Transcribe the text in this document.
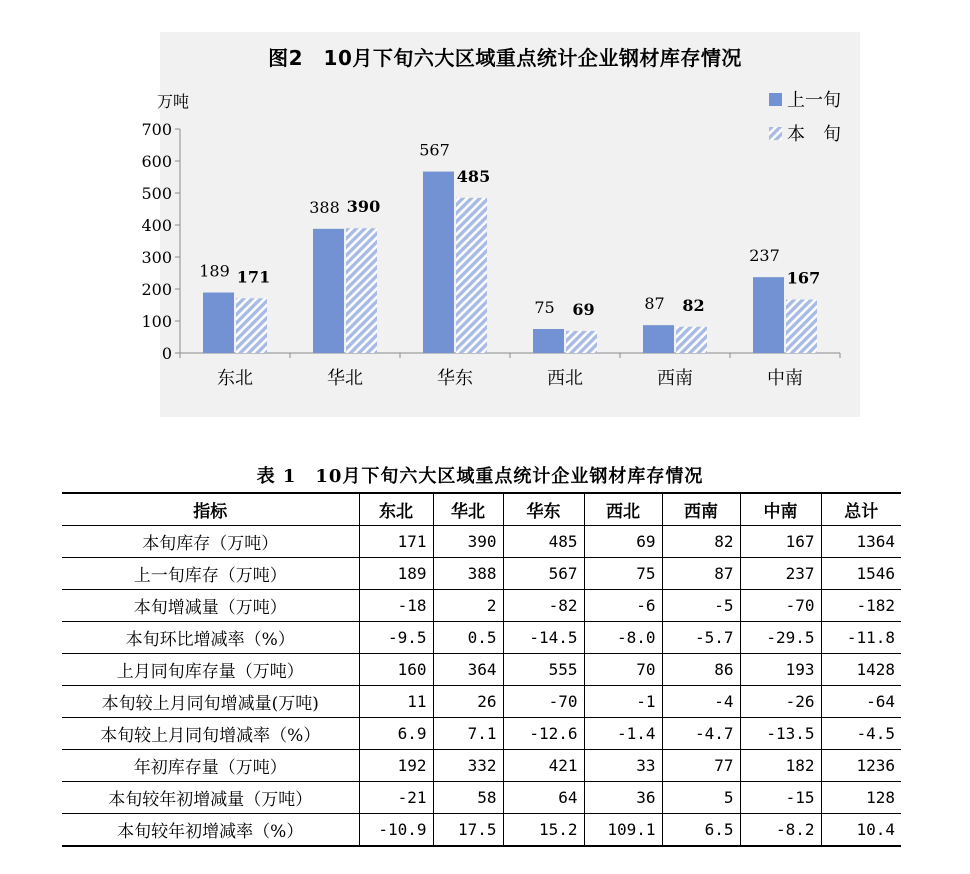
图2　10月下旬六大区域重点统计企业钢材库存情况
万吨
0
100
200
300
400
500
600
700
东北
189 171
华北
388 390
华东
567
485
西北
75 69
西南
87 82
中南
237
167
上一旬
本　旬
表 1　10月下旬六大区域重点统计企业钢材库存情况
指标	东北	华北	华东	西北	西南	中南	总计
本旬库存（万吨）	171	390	485	69	82	167	1364
上一旬库存（万吨）	189	388	567	75	87	237	1546
本旬增减量（万吨）	-18	2	-82	-6	-5	-70	-182
本旬环比增减率（%）	-9.5	0.5	-14.5	-8.0	-5.7	-29.5	-11.8
上月同旬库存量（万吨）	160	364	555	70	86	193	1428
本旬较上月同旬增减量(万吨)	11	26	-70	-1	-4	-26	-64
本旬较上月同旬增减率（%）	6.9	7.1	-12.6	-1.4	-4.7	-13.5	-4.5
年初库存量（万吨）	192	332	421	33	77	182	1236
本旬较年初增减量（万吨）	-21	58	64	36	5	-15	128
本旬较年初增减率（%）	-10.9	17.5	15.2	109.1	6.5	-8.2	10.4
